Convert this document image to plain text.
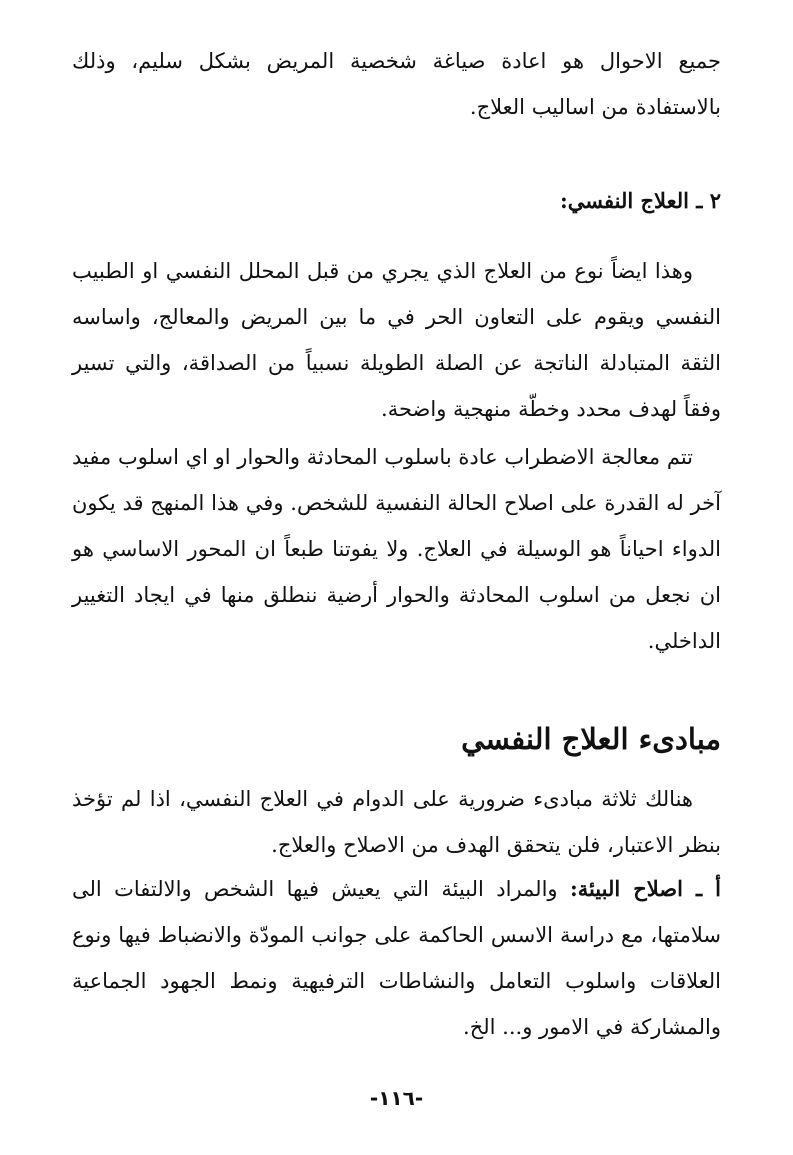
جميع الاحوال هو اعادة صياغة شخصية المريض بشكل سليم، وذلك بالاستفادة من اساليب العلاج.

٢ ـ العلاج النفسي:

وهذا ايضاً نوع من العلاج الذي يجري من قبل المحلل النفسي او الطبيب النفسي ويقوم على التعاون الحر في ما بين المريض والمعالج، واساسه الثقة المتبادلة الناتجة عن الصلة الطويلة نسبياً من الصداقة، والتي تسير وفقاً لهدف محدد وخطّة منهجية واضحة.

تتم معالجة الاضطراب عادة باسلوب المحادثة والحوار او اي اسلوب مفيد آخر له القدرة على اصلاح الحالة النفسية للشخص. وفي هذا المنهج قد يكون الدواء احياناً هو الوسيلة في العلاج. ولا يفوتنا طبعاً ان المحور الاساسي هو ان نجعل من اسلوب المحادثة والحوار أرضية ننطلق منها في ايجاد التغيير الداخلي.

مبادىء العلاج النفسي

هنالك ثلاثة مبادىء ضرورية على الدوام في العلاج النفسي، اذا لم تؤخذ بنظر الاعتبار، فلن يتحقق الهدف من الاصلاح والعلاج.

أ ـ اصلاح البيئة: والمراد البيئة التي يعيش فيها الشخص والالتفات الى سلامتها، مع دراسة الاسس الحاكمة على جوانب المودّة والانضباط فيها ونوع العلاقات واسلوب التعامل والنشاطات الترفيهية ونمط الجهود الجماعية والمشاركة في الامور و... الخ.

-١١٦-
